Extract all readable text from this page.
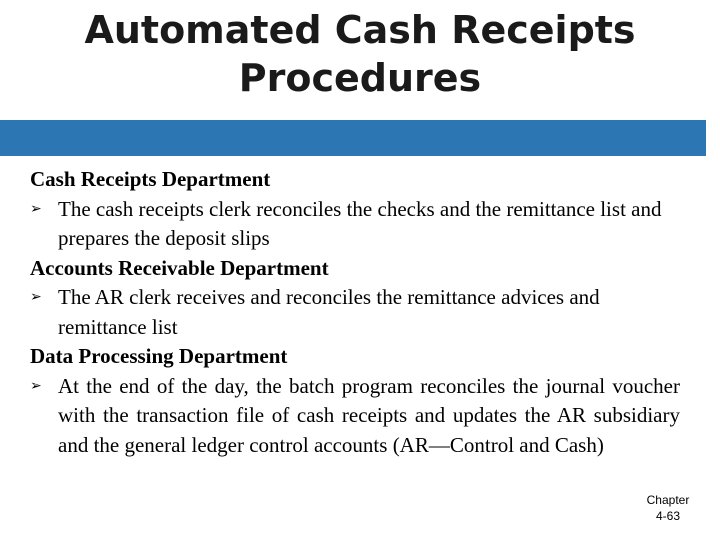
Automated Cash Receipts
Procedures

Cash Receipts Department

➢ The cash receipts clerk reconciles the checks and the remittance list and prepares the deposit slips

Accounts Receivable Department

➢ The AR clerk receives and reconciles the remittance advices and remittance list

Data Processing Department

➢ At the end of the day, the batch program reconciles the journal voucher with the transaction file of cash receipts and updates the AR subsidiary and the general ledger control accounts (AR—Control and Cash)

Chapter
4-63
